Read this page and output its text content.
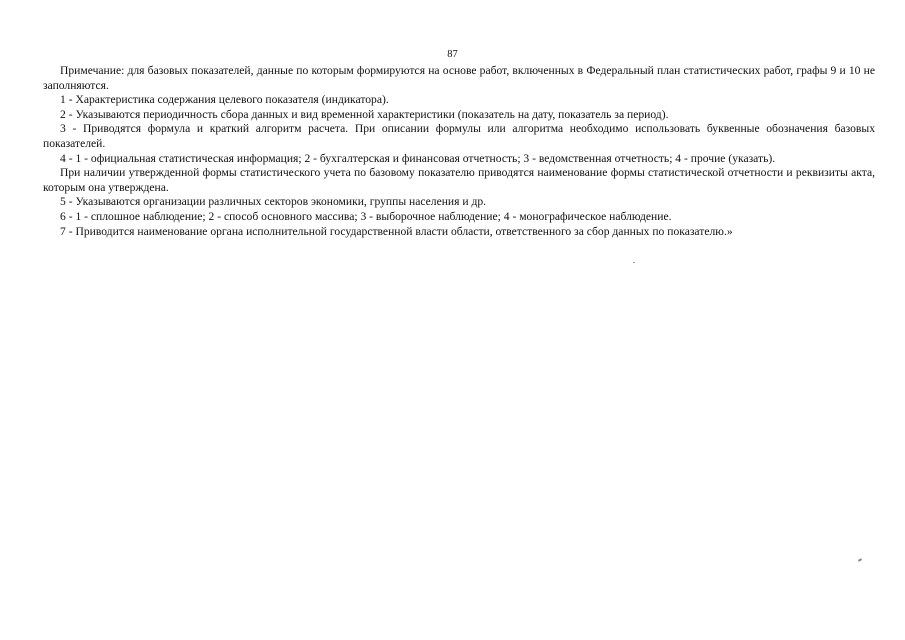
87

Примечание: для базовых показателей, данные по которым формируются на основе работ, включенных в Федеральный план статистических работ, графы 9 и 10 не заполняются.

1 - Характеристика содержания целевого показателя (индикатора).

2 - Указываются периодичность сбора данных и вид временной характеристики (показатель на дату, показатель за период).

3 - Приводятся формула и краткий алгоритм расчета. При описании формулы или алгоритма необходимо использовать буквенные обозначения базовых показателей.

4 - 1 - официальная статистическая информация; 2 - бухгалтерская и финансовая отчетность; 3 - ведомственная отчетность; 4 - прочие (указать).

При наличии утвержденной формы статистического учета по базовому показателю приводятся наименование формы статистической отчетности и реквизиты акта, которым она утверждена.

5 - Указываются организации различных секторов экономики, группы населения и др.

6 - 1 - сплошное наблюдение; 2 - способ основного массива; 3 - выборочное наблюдение; 4 - монографическое наблюдение.

7 - Приводится наименование органа исполнительной государственной власти области, ответственного за сбор данных по показателю.»
